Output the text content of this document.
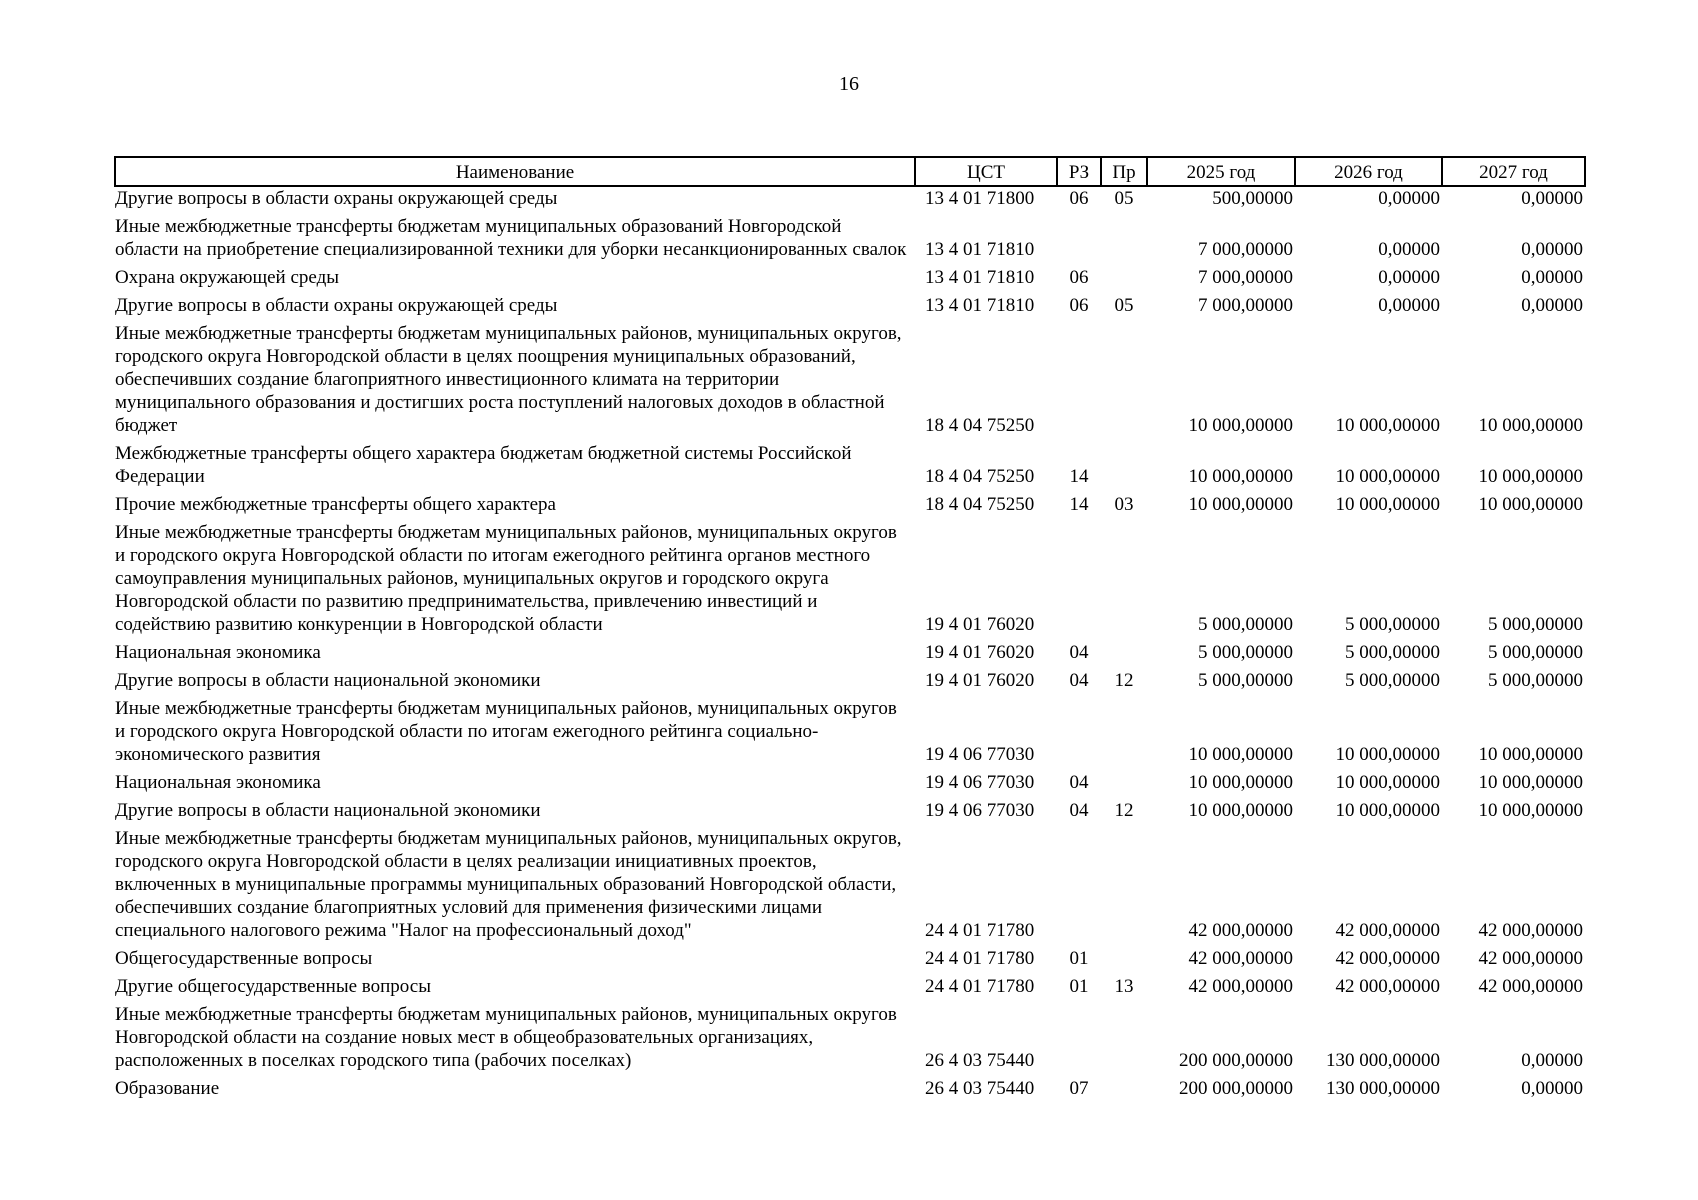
16
Наименование	ЦСТ	РЗ	Пр	2025 год	2026 год	2027 год
Другие вопросы в области охраны окружающей среды	13 4 01 71800	06	05	500,00000	0,00000	0,00000
Иные межбюджетные трансферты бюджетам муниципальных образований Новгородской области на приобретение специализированной техники для уборки несанкционированных свалок	13 4 01 71810			7 000,00000	0,00000	0,00000
Охрана окружающей среды	13 4 01 71810	06		7 000,00000	0,00000	0,00000
Другие вопросы в области охраны окружающей среды	13 4 01 71810	06	05	7 000,00000	0,00000	0,00000
Иные межбюджетные трансферты бюджетам муниципальных районов, муниципальных округов, городского округа Новгородской области в целях поощрения муниципальных образований, обеспечивших создание благоприятного инвестиционного климата на территории муниципального образования и достигших роста поступлений налоговых доходов в областной бюджет	18 4 04 75250			10 000,00000	10 000,00000	10 000,00000
Межбюджетные трансферты общего характера бюджетам бюджетной системы Российской Федерации	18 4 04 75250	14		10 000,00000	10 000,00000	10 000,00000
Прочие межбюджетные трансферты общего характера	18 4 04 75250	14	03	10 000,00000	10 000,00000	10 000,00000
Иные межбюджетные трансферты бюджетам муниципальных районов, муниципальных округов и городского округа Новгородской области по итогам ежегодного рейтинга органов местного самоуправления муниципальных районов, муниципальных округов и городского округа Новгородской области по развитию предпринимательства, привлечению инвестиций и содействию развитию конкуренции в Новгородской области	19 4 01 76020			5 000,00000	5 000,00000	5 000,00000
Национальная экономика	19 4 01 76020	04		5 000,00000	5 000,00000	5 000,00000
Другие вопросы в области национальной экономики	19 4 01 76020	04	12	5 000,00000	5 000,00000	5 000,00000
Иные межбюджетные трансферты бюджетам муниципальных районов, муниципальных округов и городского округа Новгородской области по итогам ежегодного рейтинга социально-экономического развития	19 4 06 77030			10 000,00000	10 000,00000	10 000,00000
Национальная экономика	19 4 06 77030	04		10 000,00000	10 000,00000	10 000,00000
Другие вопросы в области национальной экономики	19 4 06 77030	04	12	10 000,00000	10 000,00000	10 000,00000
Иные межбюджетные трансферты бюджетам муниципальных районов, муниципальных округов, городского округа Новгородской области в целях реализации инициативных проектов, включенных в муниципальные программы муниципальных образований Новгородской области, обеспечивших создание благоприятных условий для применения физическими лицами специального налогового режима "Налог на профессиональный доход"	24 4 01 71780			42 000,00000	42 000,00000	42 000,00000
Общегосударственные вопросы	24 4 01 71780	01		42 000,00000	42 000,00000	42 000,00000
Другие общегосударственные вопросы	24 4 01 71780	01	13	42 000,00000	42 000,00000	42 000,00000
Иные межбюджетные трансферты бюджетам муниципальных районов, муниципальных округов Новгородской области на создание новых мест в общеобразовательных организациях, расположенных в поселках городского типа (рабочих поселках)	26 4 03 75440			200 000,00000	130 000,00000	0,00000
Образование	26 4 03 75440	07		200 000,00000	130 000,00000	0,00000
